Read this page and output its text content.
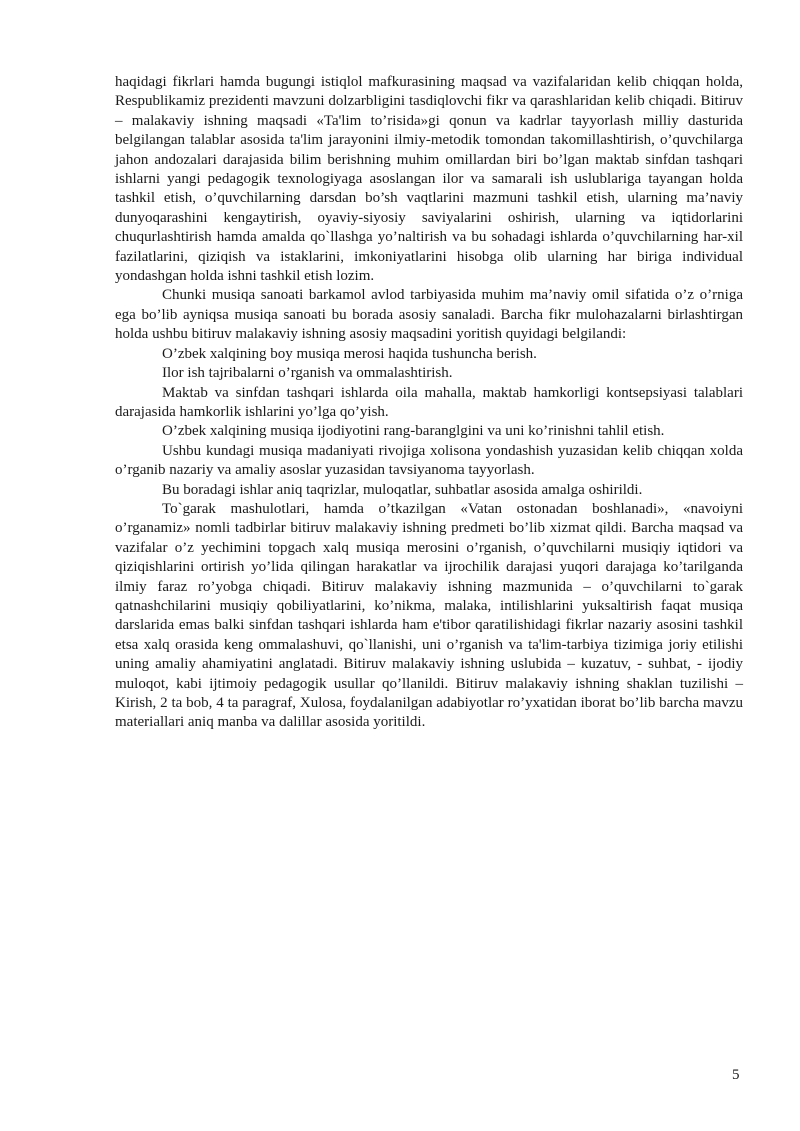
haqidagi fikrlari hamda bugungi istiqlol mafkurasining maqsad va vazifalaridan kelib chiqqan holda, Respublikamiz prezidenti mavzuni dolzarbligini tasdiqlovchi fikr va qarashlaridan kelib chiqadi. Bitiruv – malakaviy ishning maqsadi «Ta'lim to’risida»gi qonun va kadrlar tayyorlash milliy dasturida belgilangan talablar asosida ta'lim jarayonini ilmiy-metodik tomondan takomillashtirish, o’quvchilarga jahon andozalari darajasida bilim berishning muhim omillardan biri bo’lgan maktab sinfdan tashqari ishlarni yangi pedagogik texnologiyaga asoslangan ilor va samarali ish uslublariga tayangan holda tashkil etish, o’quvchilarning darsdan bo’sh vaqtlarini mazmuni tashkil etish, ularning ma’naviy dunyoqarashini kengaytirish, oyaviy-siyosiy saviyalarini oshirish, ularning va iqtidorlarini chuqurlashtirish hamda amalda qo`llashga yo’naltirish va bu sohadagi ishlarda o’quvchilarning har-xil fazilatlarini, qiziqish va istaklarini, imkoniyatlarini hisobga olib ularning har biriga individual yondashgan holda ishni tashkil etish lozim.

Chunki musiqa sanoati barkamol avlod tarbiyasida muhim ma’naviy omil sifatida o’z o’rniga ega bo’lib ayniqsa musiqa sanoati bu borada asosiy sanaladi. Barcha fikr mulohazalarni birlashtirgan holda ushbu bitiruv malakaviy ishning asosiy maqsadini yoritish quyidagi belgilandi:

O’zbek xalqining boy musiqa merosi haqida tushuncha berish.

Ilor ish tajribalarni o’rganish va ommalashtirish.

Maktab va sinfdan tashqari ishlarda oila mahalla, maktab hamkorligi kontsepsiyasi talablari darajasida hamkorlik ishlarini yo’lga qo’yish.

O’zbek xalqining musiqa ijodiyotini rang-baranglgini va uni ko’rinishni tahlil etish.

Ushbu kundagi musiqa madaniyati rivojiga xolisona yondashish yuzasidan kelib chiqqan xolda o’rganib nazariy va amaliy asoslar yuzasidan tavsiyanoma tayyorlash.

Bu boradagi ishlar aniq taqrizlar, muloqatlar, suhbatlar asosida amalga oshirildi.

To`garak mashulotlari, hamda o’tkazilgan «Vatan ostonadan boshlanadi», «navoiyni o’rganamiz» nomli tadbirlar bitiruv malakaviy ishning predmeti bo’lib xizmat qildi. Barcha maqsad va vazifalar o’z yechimini topgach xalq musiqa merosini o’rganish, o’quvchilarni musiqiy iqtidori va qiziqishlarini ortirish yo’lida qilingan harakatlar va ijrochilik darajasi yuqori darajaga ko’tarilganda ilmiy faraz ro’yobga chiqadi. Bitiruv malakaviy ishning mazmunida – o’quvchilarni to`garak qatnashchilarini musiqiy qobiliyatlarini, ko’nikma, malaka, intilishlarini yuksaltirish faqat musiqa darslarida emas balki sinfdan tashqari ishlarda ham e'tibor qaratilishidagi fikrlar nazariy asosini tashkil etsa xalq orasida keng ommalashuvi, qo`llanishi, uni o’rganish va ta'lim-tarbiya tizimiga joriy etilishi uning amaliy ahamiyatini anglatadi. Bitiruv malakaviy ishning uslubida – kuzatuv, - suhbat, - ijodiy muloqot, kabi ijtimoiy pedagogik usullar qo’llanildi. Bitiruv malakaviy ishning shaklan tuzilishi – Kirish, 2 ta bob, 4 ta paragraf, Xulosa, foydalanilgan adabiyotlar ro’yxatidan iborat bo’lib barcha mavzu materiallari aniq manba va dalillar asosida yoritildi.

5
